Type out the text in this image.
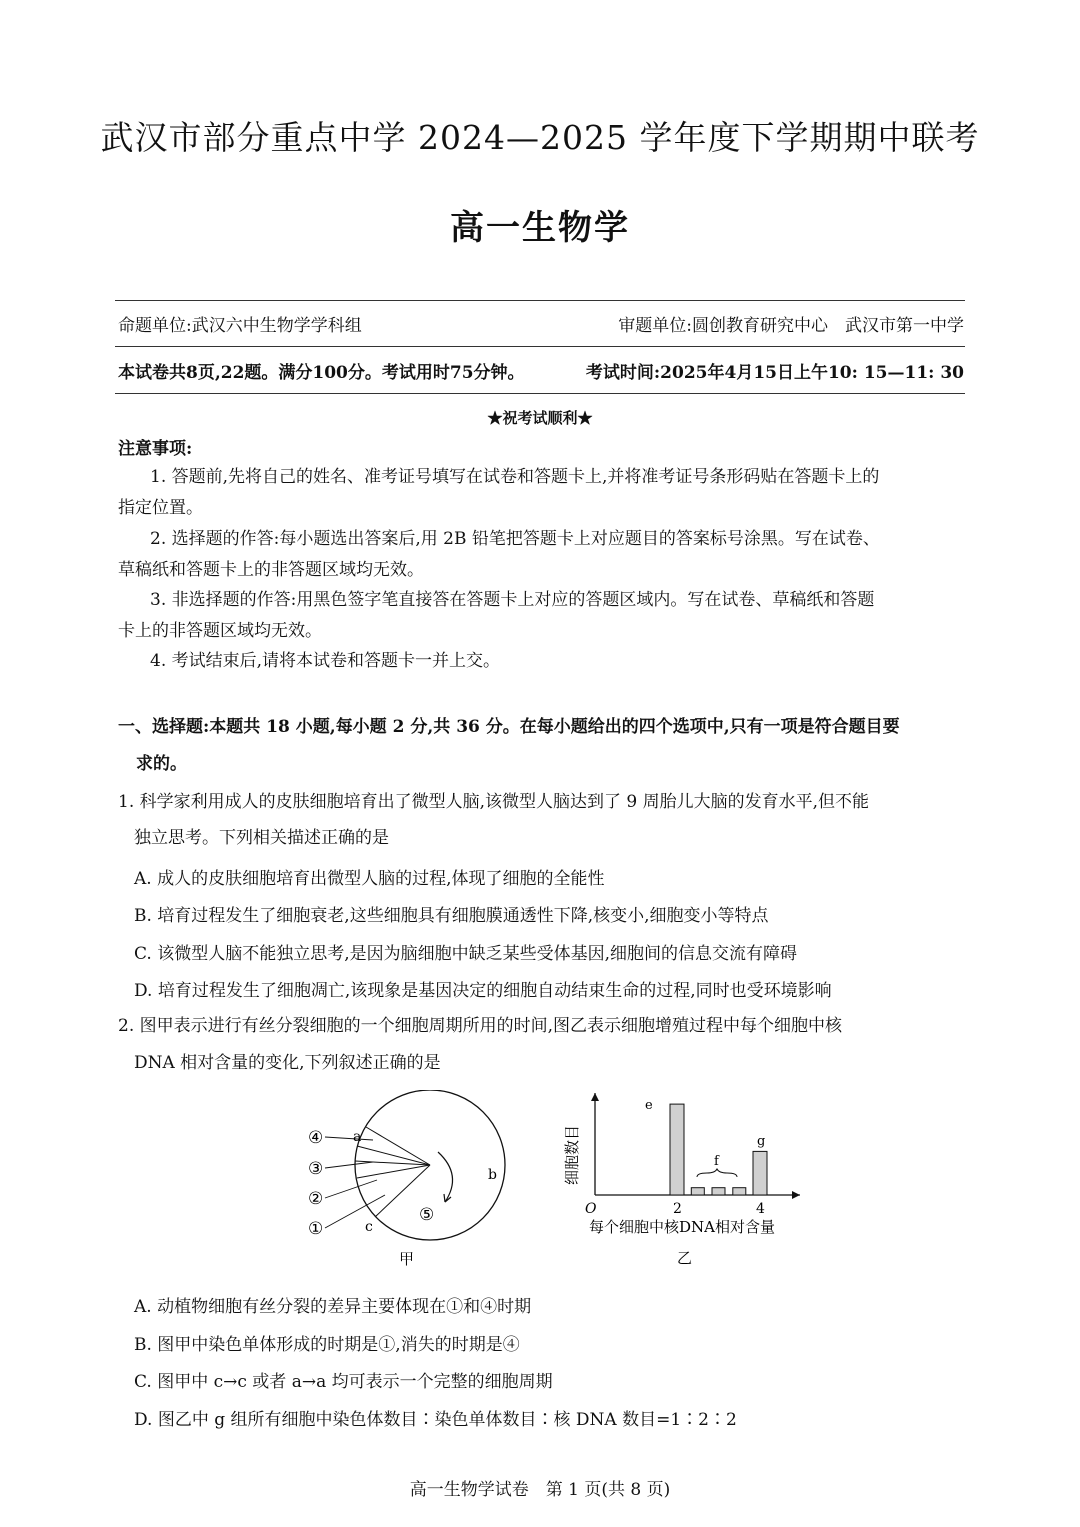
武汉市部分重点中学 2024—2025 学年度下学期期中联考
高一生物学
命题单位:武汉六中生物学学科组	审题单位:圆创教育研究中心　武汉市第一中学
本试卷共8页,22题。满分100分。考试用时75分钟。	考试时间:2025年4月15日上午10: 15—11: 30
★祝考试顺利★
注意事项:
1. 答题前,先将自己的姓名、准考证号填写在试卷和答题卡上,并将准考证号条形码贴在答题卡上的
指定位置。
2. 选择题的作答:每小题选出答案后,用 2B 铅笔把答题卡上对应题目的答案标号涂黑。写在试卷、
草稿纸和答题卡上的非答题区域均无效。
3. 非选择题的作答:用黑色签字笔直接答在答题卡上对应的答题区域内。写在试卷、草稿纸和答题
卡上的非答题区域均无效。
4. 考试结束后,请将本试卷和答题卡一并上交。
一、选择题:本题共 18 小题,每小题 2 分,共 36 分。在每小题给出的四个选项中,只有一项是符合题目要
求的。
1. 科学家利用成人的皮肤细胞培育出了微型人脑,该微型人脑达到了 9 周胎儿大脑的发育水平,但不能
独立思考。下列相关描述正确的是
A. 成人的皮肤细胞培育出微型人脑的过程,体现了细胞的全能性
B. 培育过程发生了细胞衰老,这些细胞具有细胞膜通透性下降,核变小,细胞变小等特点
C. 该微型人脑不能独立思考,是因为脑细胞中缺乏某些受体基因,细胞间的信息交流有障碍
D. 培育过程发生了细胞凋亡,该现象是基因决定的细胞自动结束生命的过程,同时也受环境影响
2. 图甲表示进行有丝分裂细胞的一个细胞周期所用的时间,图乙表示细胞增殖过程中每个细胞中核
DNA 相对含量的变化,下列叙述正确的是
④
③
②
①
⑤
a
b
c
甲
细胞数目
O
e
f
g
2	4
每个细胞中核DNA相对含量
乙
A. 动植物细胞有丝分裂的差异主要体现在①和④时期
B. 图甲中染色单体形成的时期是①,消失的时期是④
C. 图甲中 c→c 或者 a→a 均可表示一个完整的细胞周期
D. 图乙中 g 组所有细胞中染色体数目∶染色单体数目∶核 DNA 数目=1∶2∶2
高一生物学试卷　第 1 页(共 8 页)
